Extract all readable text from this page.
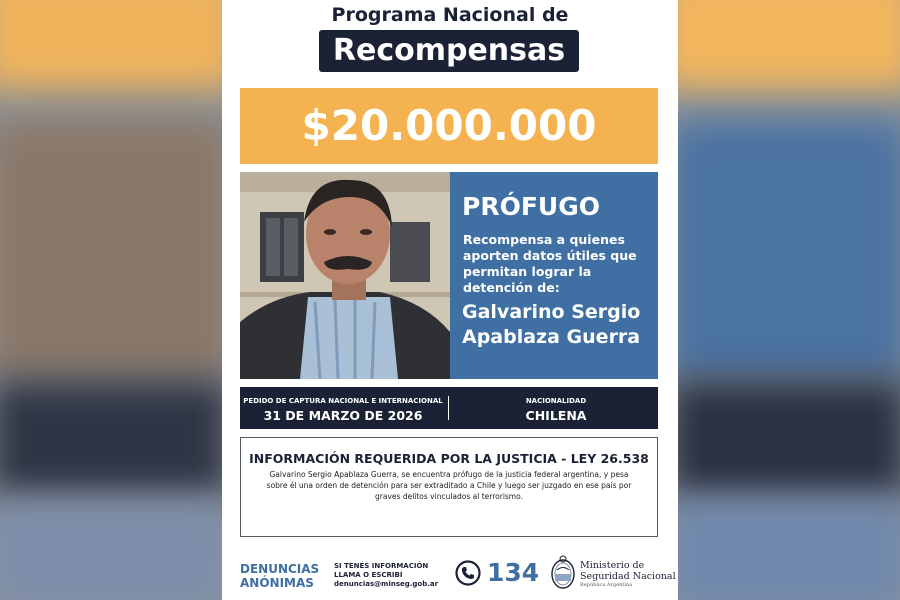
Programa Nacional de
Recompensas
$20.000.000
PRÓFUGO
Recompensa a quienes aporten datos útiles que permitan lograr la detención de:
Galvarino Sergio Apablaza Guerra
PEDIDO DE CAPTURA NACIONAL E INTERNACIONAL
31 DE MARZO DE 2026
NACIONALIDAD
CHILENA
INFORMACIÓN REQUERIDA POR LA JUSTICIA - LEY 26.538
Galvarino Sergio Apablaza Guerra, se encuentra prófugo de la justicia federal argentina, y pesa sobre él una orden de detención para ser extraditado a Chile y luego ser juzgado en ese país por graves delitos vinculados al terrorismo.
DENUNCIAS
ANÓNIMAS
SI TENÉS INFORMACIÓN
LLAMA O ESCRIBÍ
denuncias@minseg.gob.ar 134	Ministerio de
Seguridad Nacional
República Argentina
